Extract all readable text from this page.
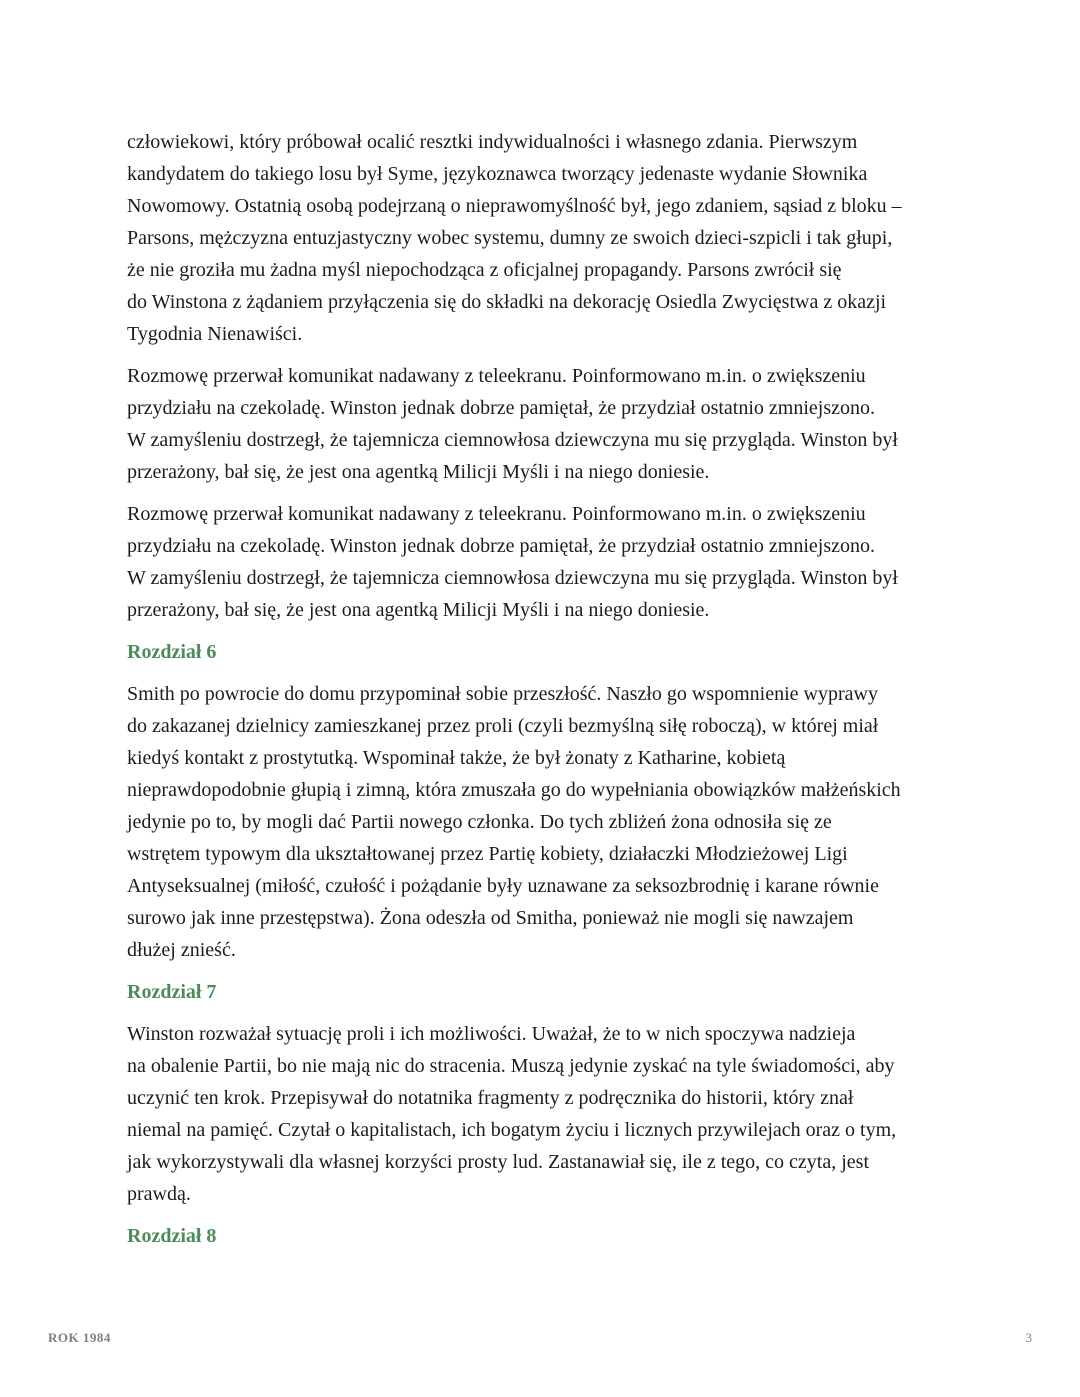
człowiekowi, który próbował ocalić resztki indywidualności i własnego zdania. Pierwszym
kandydatem do takiego losu był Syme, językoznawca tworzący jedenaste wydanie Słownika
Nowomowy. Ostatnią osobą podejrzaną o nieprawomyślność był, jego zdaniem, sąsiad z bloku –
Parsons, mężczyzna entuzjastyczny wobec systemu, dumny ze swoich dzieci-szpicli i tak głupi,
że nie groziła mu żadna myśl niepochodząca z oficjalnej propagandy. Parsons zwrócił się
do Winstona z żądaniem przyłączenia się do składki na dekorację Osiedla Zwycięstwa z okazji
Tygodnia Nienawiści.

Rozmowę przerwał komunikat nadawany z teleekranu. Poinformowano m.in. o zwiększeniu
przydziału na czekoladę. Winston jednak dobrze pamiętał, że przydział ostatnio zmniejszono.
W zamyśleniu dostrzegł, że tajemnicza ciemnowłosa dziewczyna mu się przygląda. Winston był
przerażony, bał się, że jest ona agentką Milicji Myśli i na niego doniesie.

Rozmowę przerwał komunikat nadawany z teleekranu. Poinformowano m.in. o zwiększeniu
przydziału na czekoladę. Winston jednak dobrze pamiętał, że przydział ostatnio zmniejszono.
W zamyśleniu dostrzegł, że tajemnicza ciemnowłosa dziewczyna mu się przygląda. Winston był
przerażony, bał się, że jest ona agentką Milicji Myśli i na niego doniesie.

Rozdział 6

Smith po powrocie do domu przypominał sobie przeszłość. Naszło go wspomnienie wyprawy
do zakazanej dzielnicy zamieszkanej przez proli (czyli bezmyślną siłę roboczą), w której miał
kiedyś kontakt z prostytutką. Wspominał także, że był żonaty z Katharine, kobietą
nieprawdopodobnie głupią i zimną, która zmuszała go do wypełniania obowiązków małżeńskich
jedynie po to, by mogli dać Partii nowego członka. Do tych zbliżeń żona odnosiła się ze
wstrętem typowym dla ukształtowanej przez Partię kobiety, działaczki Młodzieżowej Ligi
Antyseksualnej (miłość, czułość i pożądanie były uznawane za seksozbrodnię i karane równie
surowo jak inne przestępstwa). Żona odeszła od Smitha, ponieważ nie mogli się nawzajem
dłużej znieść.

Rozdział 7

Winston rozważał sytuację proli i ich możliwości. Uważał, że to w nich spoczywa nadzieja
na obalenie Partii, bo nie mają nic do stracenia. Muszą jedynie zyskać na tyle świadomości, aby
uczynić ten krok. Przepisywał do notatnika fragmenty z podręcznika do historii, który znał
niemal na pamięć. Czytał o kapitalistach, ich bogatym życiu i licznych przywilejach oraz o tym,
jak wykorzystywali dla własnej korzyści prosty lud. Zastanawiał się, ile z tego, co czyta, jest
prawdą.

Rozdział 8
ROK 1984	3
